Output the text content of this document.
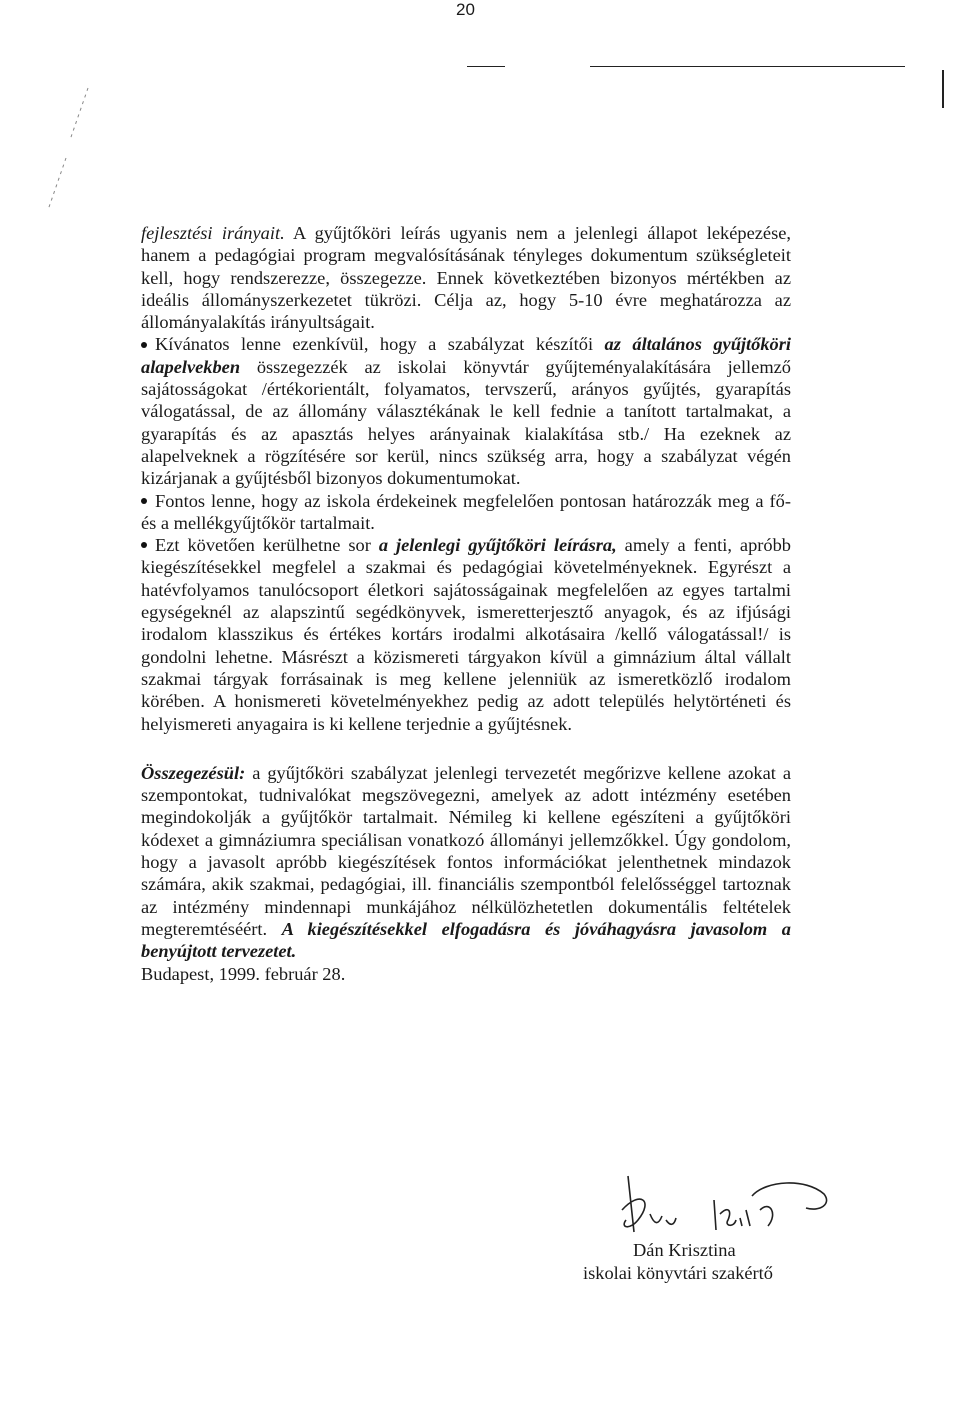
20

fejlesztési irányait. A gyűjtőköri leírás ugyanis nem a jelenlegi állapot leképezése, hanem a pedagógiai program megvalósításának tényleges dokumentum szükségleteit kell, hogy rendszerezze, összegezze. Ennek következtében bizonyos mértékben az ideális állományszerkezetet tükrözi. Célja az, hogy 5-10 évre meghatározza az állományalakítás irányultságait.

Kívánatos lenne ezenkívül, hogy a szabályzat készítői az általános gyűjtőköri alapelvekben összegezzék az iskolai könyvtár gyűjteményalakítására jellemző sajátosságokat /értékorientált, folyamatos, tervszerű, arányos gyűjtés, gyarapítás válogatással, de az állomány választékának le kell fednie a tanított tartalmakat, a gyarapítás és az apasztás helyes arányainak kialakítása stb./ Ha ezeknek az alapelveknek a rögzítésére sor kerül, nincs szükség arra, hogy a szabályzat végén kizárjanak a gyűjtésből bizonyos dokumentumokat.

Fontos lenne, hogy az iskola érdekeinek megfelelően pontosan határozzák meg a fő- és a mellékgyűjtőkör tartalmait.

Ezt követően kerülhetne sor a jelenlegi gyűjtőköri leírásra, amely a fenti, apróbb kiegészítésekkel megfelel a szakmai és pedagógiai követelményeknek. Egyrészt a hatévfolyamos tanulócsoport életkori sajátosságainak megfelelően az egyes tartalmi egységeknél az alapszintű segédkönyvek, ismeretterjesztő anyagok, és az ifjúsági irodalom klasszikus és értékes kortárs irodalmi alkotásaira /kellő válogatással!/ is gondolni lehetne. Másrészt a közismereti tárgyakon kívül a gimnázium által vállalt szakmai tárgyak forrásainak is meg kellene jelenniük az ismeretközlő irodalom körében. A honismereti követelményekhez pedig az adott település helytörténeti és helyismereti anyagaira is ki kellene terjednie a gyűjtésnek.

Összegezésül: a gyűjtőköri szabályzat jelenlegi tervezetét megőrizve kellene azokat a szempontokat, tudnivalókat megszövegezni, amelyek az adott intézmény esetében megindokolják a gyűjtőkör tartalmait. Némileg ki kellene egészíteni a gyűjtőköri kódexet a gimnáziumra speciálisan vonatkozó állományi jellemzőkkel. Úgy gondolom, hogy a javasolt apróbb kiegészítések fontos információkat jelenthetnek mindazok számára, akik szakmai, pedagógiai, ill. financiális szempontból felelősséggel tartoznak az intézmény mindennapi munkájához nélkülözhetetlen dokumentális feltételek megteremtéséért. A kiegészítésekkel elfogadásra és jóváhagyásra javasolom a benyújtott tervezetet.

Budapest, 1999. február 28.

Dán Krisztina
iskolai könyvtári szakértő
